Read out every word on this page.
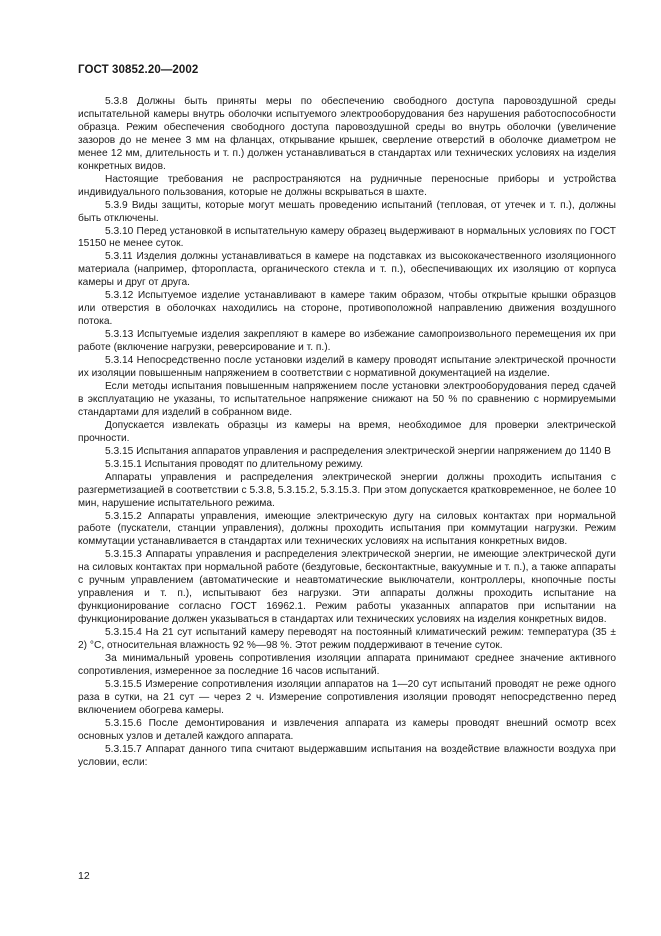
ГОСТ 30852.20—2002

5.3.8 Должны быть приняты меры по обеспечению свободного доступа паровоздушной среды испытательной камеры внутрь оболочки испытуемого электрооборудования без нарушения работоспособности образца. Режим обеспечения свободного доступа паровоздушной среды во внутрь оболочки (увеличение зазоров до не менее 3 мм на фланцах, открывание крышек, сверление отверстий в оболочке диаметром не менее 12 мм, длительность и т. п.) должен устанавливаться в стандартах или технических условиях на изделия конкретных видов.

Настоящие требования не распространяются на рудничные переносные приборы и устройства индивидуального пользования, которые не должны вскрываться в шахте.

5.3.9 Виды защиты, которые могут мешать проведению испытаний (тепловая, от утечек и т. п.), должны быть отключены.

5.3.10 Перед установкой в испытательную камеру образец выдерживают в нормальных условиях по ГОСТ 15150 не менее суток.

5.3.11 Изделия должны устанавливаться в камере на подставках из высококачественного изоляционного материала (например, фторопласта, органического стекла и т. п.), обеспечивающих их изоляцию от корпуса камеры и друг от друга.

5.3.12 Испытуемое изделие устанавливают в камере таким образом, чтобы открытые крышки образцов или отверстия в оболочках находились на стороне, противоположной направлению движения воздушного потока.

5.3.13 Испытуемые изделия закрепляют в камере во избежание самопроизвольного перемещения их при работе (включение нагрузки, реверсирование и т. п.).

5.3.14 Непосредственно после установки изделий в камеру проводят испытание электрической прочности их изоляции повышенным напряжением в соответствии с нормативной документацией на изделие.

Если методы испытания повышенным напряжением после установки электрооборудования перед сдачей в эксплуатацию не указаны, то испытательное напряжение снижают на 50 % по сравнению с нормируемыми стандартами для изделий в собранном виде.

Допускается извлекать образцы из камеры на время, необходимое для проверки электрической прочности.

5.3.15 Испытания аппаратов управления и распределения электрической энергии напряжением до 1140 В

5.3.15.1 Испытания проводят по длительному режиму.

Аппараты управления и распределения электрической энергии должны проходить испытания с разгерметизацией в соответствии с 5.3.8, 5.3.15.2, 5.3.15.3. При этом допускается кратковременное, не более 10 мин, нарушение испытательного режима.

5.3.15.2 Аппараты управления, имеющие электрическую дугу на силовых контактах при нормальной работе (пускатели, станции управления), должны проходить испытания при коммутации нагрузки. Режим коммутации устанавливается в стандартах или технических условиях на испытания конкретных видов.

5.3.15.3 Аппараты управления и распределения электрической энергии, не имеющие электрической дуги на силовых контактах при нормальной работе (бездуговые, бесконтактные, вакуумные и т. п.), а также аппараты с ручным управлением (автоматические и неавтоматические выключатели, контроллеры, кнопочные посты управления и т. п.), испытывают без нагрузки. Эти аппараты должны проходить испытание на функционирование согласно ГОСТ 16962.1. Режим работы указанных аппаратов при испытании на функционирование должен указываться в стандартах или технических условиях на изделия конкретных видов.

5.3.15.4 На 21 сут испытаний камеру переводят на постоянный климатический режим: температура (35 ± 2) °С, относительная влажность 92 %—98 %. Этот режим поддерживают в течение суток.

За минимальный уровень сопротивления изоляции аппарата принимают среднее значение активного сопротивления, измеренное за последние 16 часов испытаний.

5.3.15.5 Измерение сопротивления изоляции аппаратов на 1—20 сут испытаний проводят не реже одного раза в сутки, на 21 сут — через 2 ч. Измерение сопротивления изоляции проводят непосредственно перед включением обогрева камеры.

5.3.15.6 После демонтирования и извлечения аппарата из камеры проводят внешний осмотр всех основных узлов и деталей каждого аппарата.

5.3.15.7 Аппарат данного типа считают выдержавшим испытания на воздействие влажности воздуха при условии, если:

12
